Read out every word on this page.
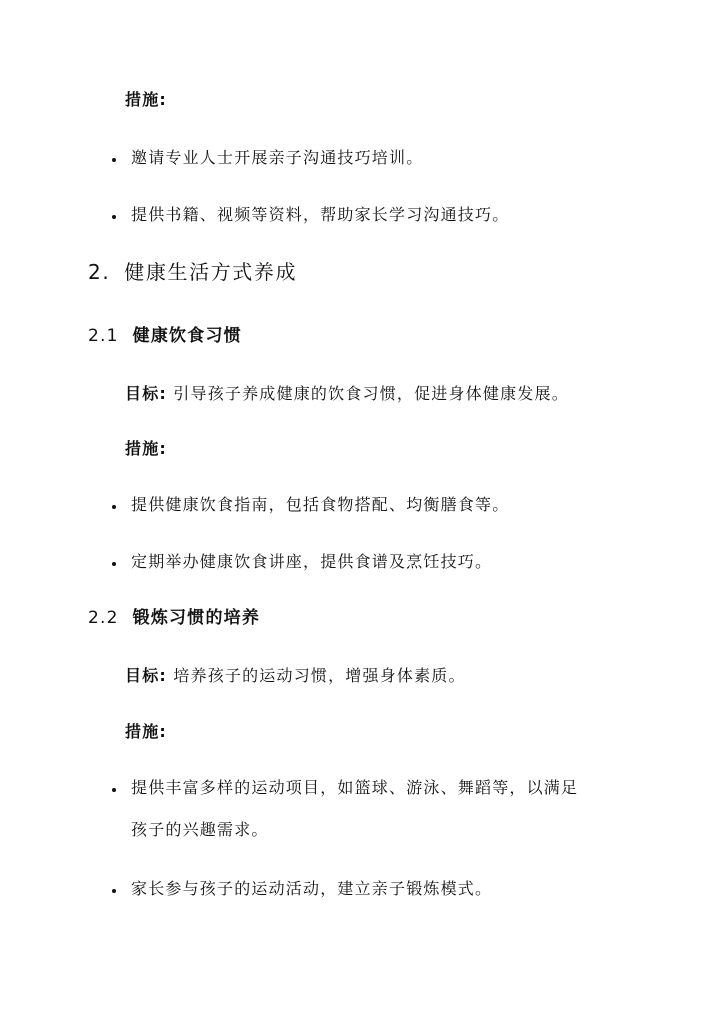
措施:
邀请专业人士开展亲子沟通技巧培训。
提供书籍、视频等资料，帮助家长学习沟通技巧。
2. 健康生活方式养成
2.1 健康饮食习惯
目标: 引导孩子养成健康的饮食习惯，促进身体健康发展。
措施:
提供健康饮食指南，包括食物搭配、均衡膳食等。
定期举办健康饮食讲座，提供食谱及烹饪技巧。
2.2 锻炼习惯的培养
目标: 培养孩子的运动习惯，增强身体素质。
措施:
提供丰富多样的运动项目，如篮球、游泳、舞蹈等，以满足
孩子的兴趣需求。
家长参与孩子的运动活动，建立亲子锻炼模式。
